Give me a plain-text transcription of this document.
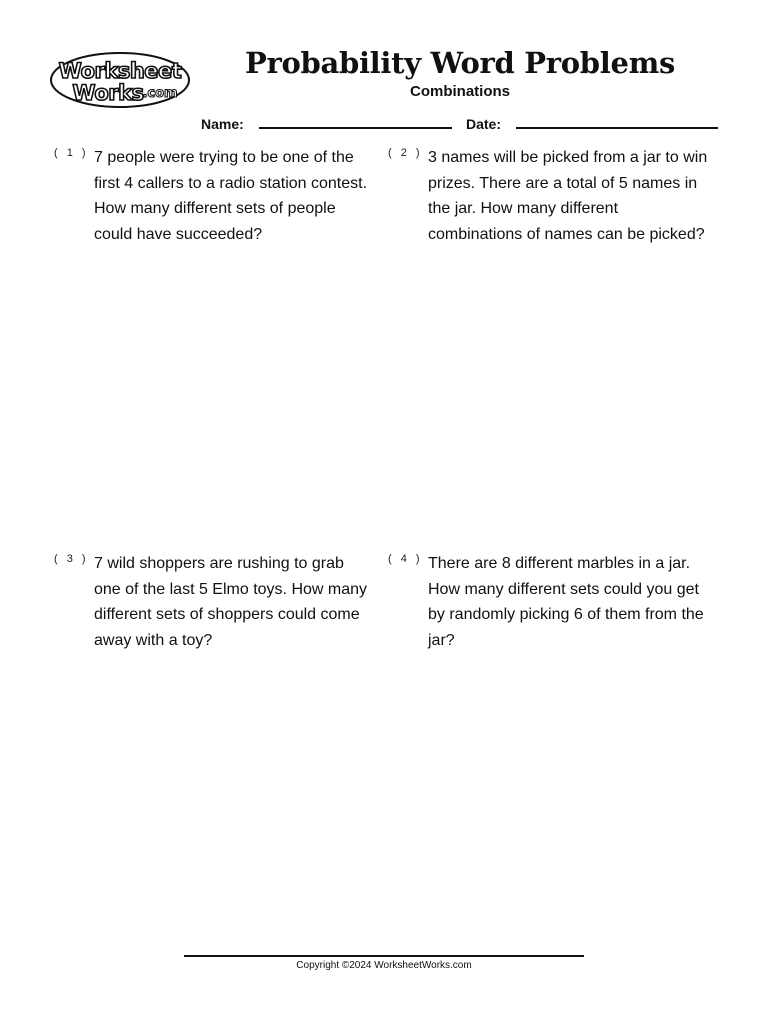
Worksheet
Works
.com
Probability Word Problems
Combinations
Name:	Date:
( 1 ) 7 people were trying to be one of the first 4 callers to a radio station contest. How many different sets of people could have succeeded?
( 2 ) 3 names will be picked from a jar to win prizes. There are a total of 5 names in the jar. How many different combinations of names can be picked?
( 3 ) 7 wild shoppers are rushing to grab one of the last 5 Elmo toys. How many different sets of shoppers could come away with a toy?
( 4 ) There are 8 different marbles in a jar. How many different sets could you get by randomly picking 6 of them from the jar?
Copyright ©2024 WorksheetWorks.com
